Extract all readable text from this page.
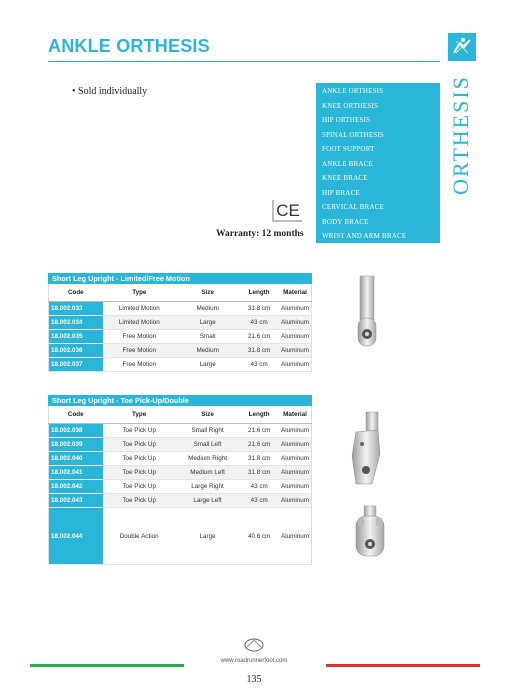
ANKLE ORTHESIS
• Sold individually
CE
Warranty: 12 months
ANKLE ORTHESIS
KNEE ORTHESIS
HIP ORTHESIS
SPINAL ORTHESIS
FOOT SUPPORT
ANKLE BRACE
KNEE BRACE
HIP BRACE
CERVICAL BRACE
BODY BRACE
WRIST AND ARM BRACE
ORTHESIS
Short Leg Upright - Limited/Free Motion
Code	Type	Size	Length	Material
18.002.033	Limited Motion	Medium	31.8 cm	Aluminum
18.002.034	Limited Motion	Large	43 cm	Aluminum
18.002.035	Free Motion	Small	21.6 cm	Aluminum
18.002.036	Free Motion	Medium	31.8 cm	Aluminum
18.002.037	Free Motion	Large	43 cm	Aluminum
Short Leg Upright - Toe Pick-Up/Double
Code	Type	Size	Length	Material
18.002.038	Toe Pick Up	Small Right	21.6 cm	Aluminum
18.002.039	Toe Pick Up	Small Left	21.6 cm	Aluminum
18.002.040	Toe Pick Up	Medium Right	31.8 cm	Aluminum
18.002.041	Toe Pick Up	Medium Left	31.8 cm	Aluminum
18.002.042	Toe Pick Up	Large Right	43 cm	Aluminum
18.002.043	Toe Pick Up	Large Left	43 cm	Aluminum
18.002.044	Double Action	Large	40.6 cm	Aluminum
www.roadrunnerfoot.com
135
